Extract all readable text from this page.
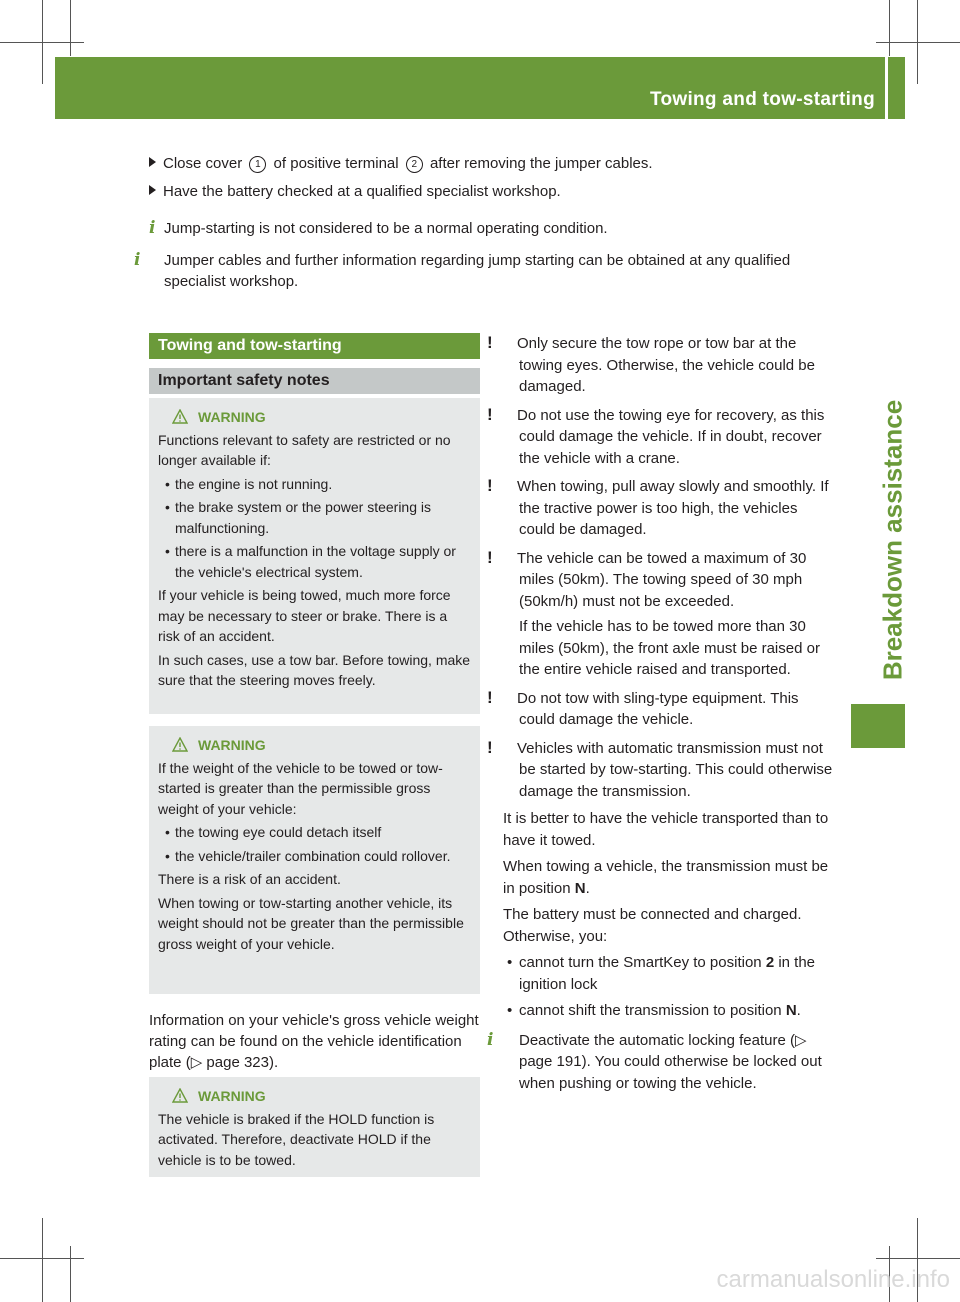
Towing and tow-starting	285
Breakdown assistance
Close cover 1 of positive terminal 2 after removing the jumper cables.
Have the battery checked at a qualified specialist workshop.
i Jump-starting is not considered to be a normal operating condition.
i Jumper cables and further information regarding jump starting can be obtained at any qualified specialist workshop.
Towing and tow-starting
Important safety notes
WARNING

Functions relevant to safety are restricted or no longer available if:

• the engine is not running.
• the brake system or the power steering is malfunctioning.
• there is a malfunction in the voltage supply or the vehicle's electrical system.

If your vehicle is being towed, much more force may be necessary to steer or brake. There is a risk of an accident.

In such cases, use a tow bar. Before towing, make sure that the steering moves freely.

WARNING

If the weight of the vehicle to be towed or tow-started is greater than the permissible gross weight of your vehicle:

• the towing eye could detach itself
• the vehicle/trailer combination could rollover.

There is a risk of an accident.

When towing or tow-starting another vehicle, its weight should not be greater than the permissible gross weight of your vehicle.

Information on your vehicle's gross vehicle weight rating can be found on the vehicle identification plate (▷ page 323).
WARNING

The vehicle is braked if the HOLD function is activated. Therefore, deactivate HOLD if the vehicle is to be towed.

! Only secure the tow rope or tow bar at the towing eyes. Otherwise, the vehicle could be damaged.
! Do not use the towing eye for recovery, as this could damage the vehicle. If in doubt, recover the vehicle with a crane.
! When towing, pull away slowly and smoothly. If the tractive power is too high, the vehicles could be damaged.
! The vehicle can be towed a maximum of 30 miles (50km). The towing speed of 30 mph (50km/h) must not be exceeded.
If the vehicle has to be towed more than 30 miles (50km), the front axle must be raised or the entire vehicle raised and transported.
! Do not tow with sling-type equipment. This could damage the vehicle.
! Vehicles with automatic transmission must not be started by tow-starting. This could otherwise damage the transmission.

It is better to have the vehicle transported than to have it towed.

When towing a vehicle, the transmission must be in position N.

The battery must be connected and charged. Otherwise, you:

• cannot turn the SmartKey to position 2 in the ignition lock
• cannot shift the transmission to position N.
i Deactivate the automatic locking feature (▷ page 191). You could otherwise be locked out when pushing or towing the vehicle.
carmanualsonline.info
